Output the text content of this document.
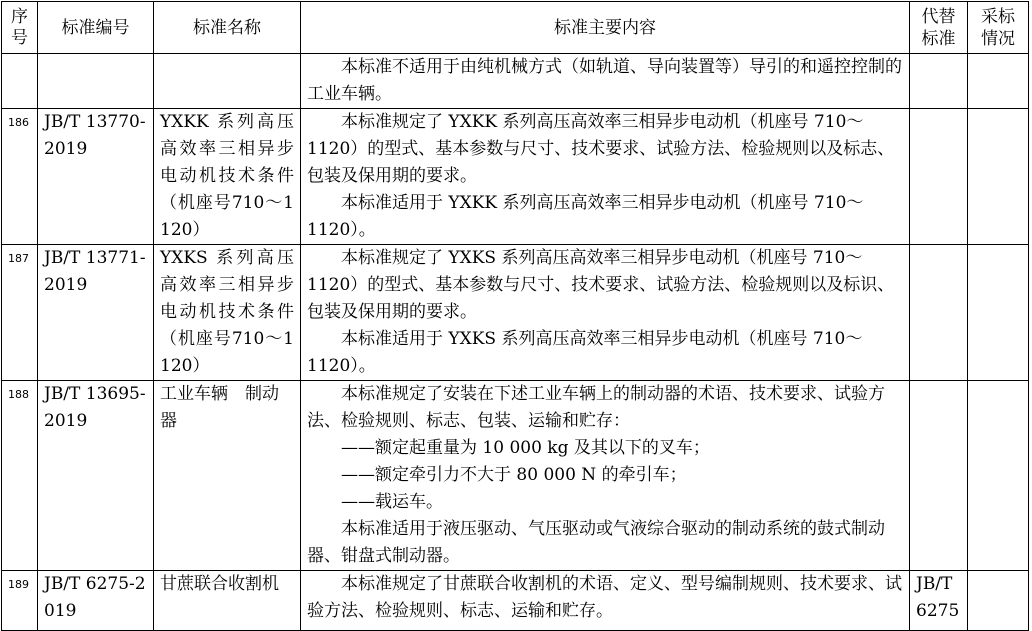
序号	标准编号	标准名称	标准主要内容	代替标准	采标情况

			本标准不适用于由纯机械方式（如轨道、导向装置等）导引的和遥控控制的工业车辆。		

186	JB/T 13770-2019	YXKK 系列高压高效率三相异步电动机技术条件（机座号710～1120）	本标准规定了 YXKK 系列高压高效率三相异步电动机（机座号 710～1120）的型式、基本参数与尺寸、技术要求、试验方法、检验规则以及标志、包装及保用期的要求。
本标准适用于 YXKK 系列高压高效率三相异步电动机（机座号 710～1120）。		

187	JB/T 13771-2019	YXKS 系列高压高效率三相异步电动机技术条件（机座号710～1120）	本标准规定了 YXKS 系列高压高效率三相异步电动机（机座号 710～1120）的型式、基本参数与尺寸、技术要求、试验方法、检验规则以及标识、包装及保用期的要求。
本标准适用于 YXKS 系列高压高效率三相异步电动机（机座号 710～1120）。		

188	JB/T 13695-2019	工业车辆　制动器	本标准规定了安装在下述工业车辆上的制动器的术语、技术要求、试验方法、检验规则、标志、包装、运输和贮存：
——额定起重量为 10 000 kg 及其以下的叉车；
——额定牵引力不大于 80 000 N 的牵引车；
——载运车。
本标准适用于液压驱动、气压驱动或气液综合驱动的制动系统的鼓式制动器、钳盘式制动器。		

189	JB/T 6275-2019	甘蔗联合收割机	本标准规定了甘蔗联合收割机的术语、定义、型号编制规则、技术要求、试验方法、检验规则、标志、运输和贮存。	JB/T 6275	
